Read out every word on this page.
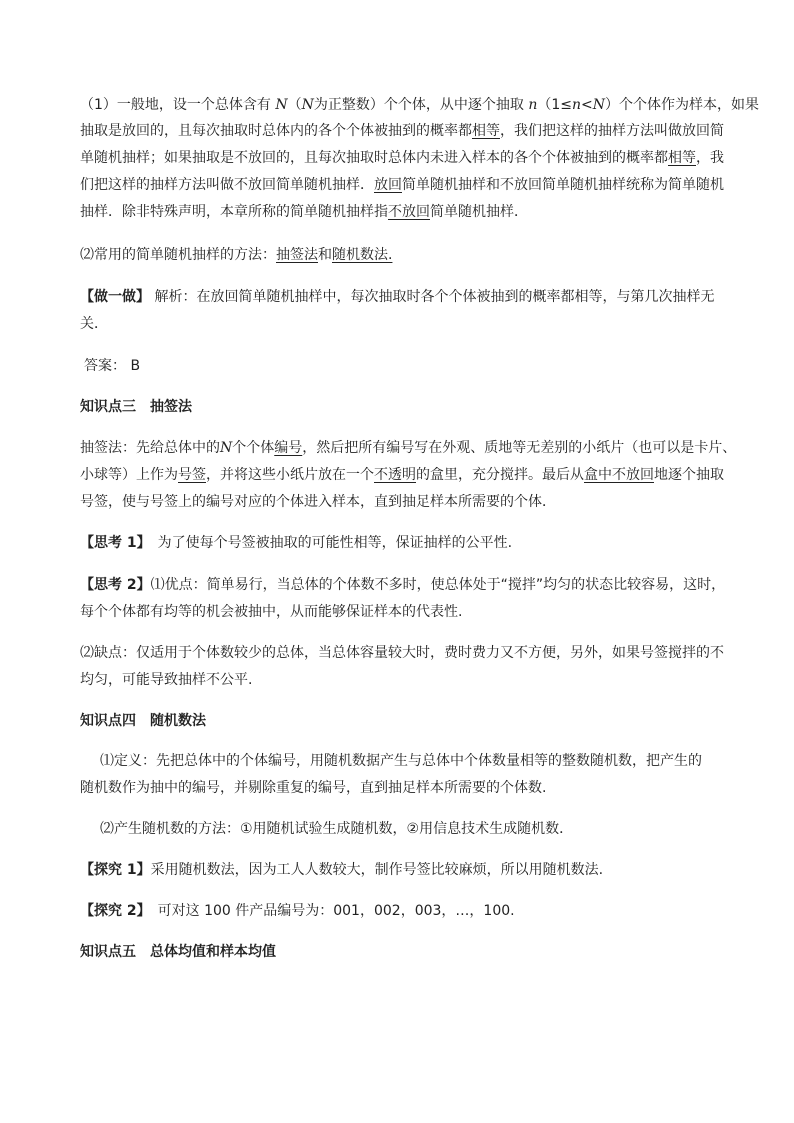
（1）一般地，设一个总体含有 N（N为正整数）个个体，从中逐个抽取 n（1≤n<N）个个体作为样本，如果
抽取是放回的，且每次抽取时总体内的各个个体被抽到的概率都相等，我们把这样的抽样方法叫做放回简
单随机抽样；如果抽取是不放回的，且每次抽取时总体内未进入样本的各个个体被抽到的概率都相等，我
们把这样的抽样方法叫做不放回简单随机抽样．放回简单随机抽样和不放回简单随机抽样统称为简单随机
抽样．除非特殊声明，本章所称的简单随机抽样指不放回简单随机抽样．
⑵常用的简单随机抽样的方法：抽签法和随机数法.
【做一做】 解析：在放回简单随机抽样中，每次抽取时各个个体被抽到的概率都相等，与第几次抽样无
关．
答案： B
知识点三　抽签法
抽签法：先给总体中的N个个体编号，然后把所有编号写在外观、质地等无差别的小纸片（也可以是卡片、
小球等）上作为号签，并将这些小纸片放在一个不透明的盒里，充分搅拌。最后从盒中不放回地逐个抽取
号签，使与号签上的编号对应的个体进入样本，直到抽足样本所需要的个体．
【思考 1】　为了使每个号签被抽取的可能性相等，保证抽样的公平性.
【思考 2】⑴优点：简单易行，当总体的个体数不多时，使总体处于“搅拌”均匀的状态比较容易，这时，
每个个体都有均等的机会被抽中，从而能够保证样本的代表性.
⑵缺点：仅适用于个体数较少的总体，当总体容量较大时，费时费力又不方便，另外，如果号签搅拌的不
均匀，可能导致抽样不公平.
知识点四　随机数法
⑴定义：先把总体中的个体编号，用随机数据产生与总体中个体数量相等的整数随机数，把产生的
随机数作为抽中的编号，并剔除重复的编号，直到抽足样本所需要的个体数.
⑵产生随机数的方法：①用随机试验生成随机数，②用信息技术生成随机数．
【探究 1】采用随机数法，因为工人人数较大，制作号签比较麻烦，所以用随机数法.
【探究 2】　可对这 100 件产品编号为：001，002，003，…，100.
知识点五　总体均值和样本均值
